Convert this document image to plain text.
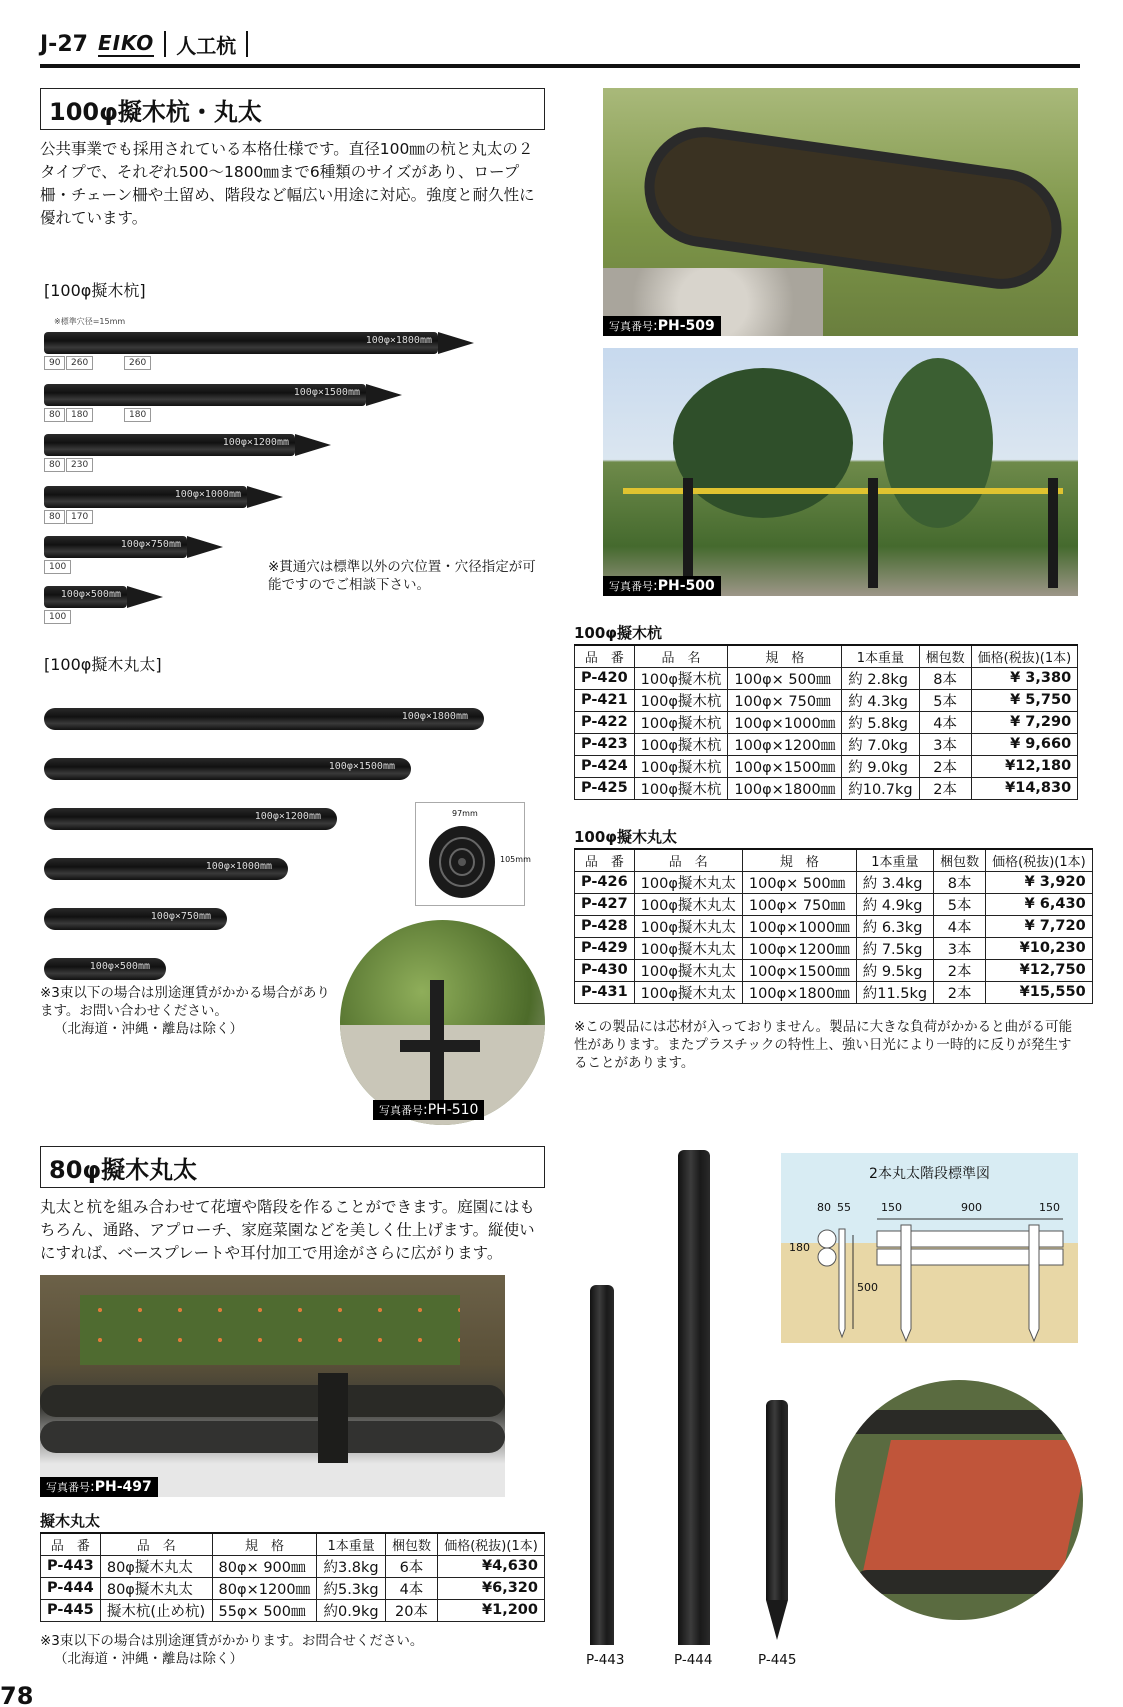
J-27 EIKO 人工杭
100φ擬木杭・丸太
公共事業でも採用されている本格仕様です。直径100㎜の杭と丸太の２タイプで、それぞれ500～1800㎜まで6種類のサイズがあり、ロープ柵・チェーン柵や土留め、階段など幅広い用途に対応。強度と耐久性に優れています。
[100φ擬木杭]
※標準穴径=15mm
※貫通穴は標準以外の穴位置・穴径指定が可能ですのでご相談下さい。
[100φ擬木丸太]
97mm
105mm
※3束以下の場合は別途運賃がかかる場合があります。お問い合わせください。
（北海道・沖縄・離島は除く）
写真番号:PH-510
写真番号:PH-509
写真番号:PH-500
100φ擬木杭
品　番	品　名	規　格	1本重量	梱包数	価格(税抜)(1本)
P-420	100φ擬木杭	100φ× 500㎜	約 2.8kg	8本	¥ 3,380
P-421	100φ擬木杭	100φ× 750㎜	約 4.3kg	5本	¥ 5,750
P-422	100φ擬木杭	100φ×1000㎜	約 5.8kg	4本	¥ 7,290
P-423	100φ擬木杭	100φ×1200㎜	約 7.0kg	3本	¥ 9,660
P-424	100φ擬木杭	100φ×1500㎜	約 9.0kg	2本	¥12,180
P-425	100φ擬木杭	100φ×1800㎜	約10.7kg	2本	¥14,830
100φ擬木丸太
品　番	品　名	規　格	1本重量	梱包数	価格(税抜)(1本)
P-426	100φ擬木丸太	100φ× 500㎜	約 3.4kg	8本	¥ 3,920
P-427	100φ擬木丸太	100φ× 750㎜	約 4.9kg	5本	¥ 6,430
P-428	100φ擬木丸太	100φ×1000㎜	約 6.3kg	4本	¥ 7,720
P-429	100φ擬木丸太	100φ×1200㎜	約 7.5kg	3本	¥10,230
P-430	100φ擬木丸太	100φ×1500㎜	約 9.5kg	2本	¥12,750
P-431	100φ擬木丸太	100φ×1800㎜	約11.5kg	2本	¥15,550
※この製品には芯材が入っておりません。製品に大きな負荷がかかると曲がる可能性があります。またプラスチックの特性上、強い日光により一時的に反りが発生することがあります。
80φ擬木丸太
丸太と杭を組み合わせて花壇や階段を作ることができます。庭園にはもちろん、通路、アプローチ、家庭菜園などを美しく仕上げます。縦使いにすれば、ベースプレートや耳付加工で用途がさらに広がります。
写真番号:PH-497
擬木丸太
品　番	品　名	規　格	1本重量	梱包数	価格(税抜)(1本)
P-443	80φ擬木丸太	80φ× 900㎜	約3.8kg	6本	¥4,630
P-444	80φ擬木丸太	80φ×1200㎜	約5.3kg	4本	¥6,320
P-445	擬木杭(止め杭)	55φ× 500㎜	約0.9kg	20本	¥1,200
※3束以下の場合は別途運賃がかかります。お問合せください。
（北海道・沖縄・離島は除く）	P-443	P-444	P-445
2本丸太階段標準図
80 55	150	900	150
180
500
78
100φ×1800mm
90	260	260
100φ×1500mm
80	180	180
100φ×1200mm
80	230
100φ×1000mm
80	170
100φ×750mm
100
100φ×500mm
100
100φ×1800mm
100φ×1500mm
100φ×1200mm
100φ×1000mm
100φ×750mm
100φ×500mm
